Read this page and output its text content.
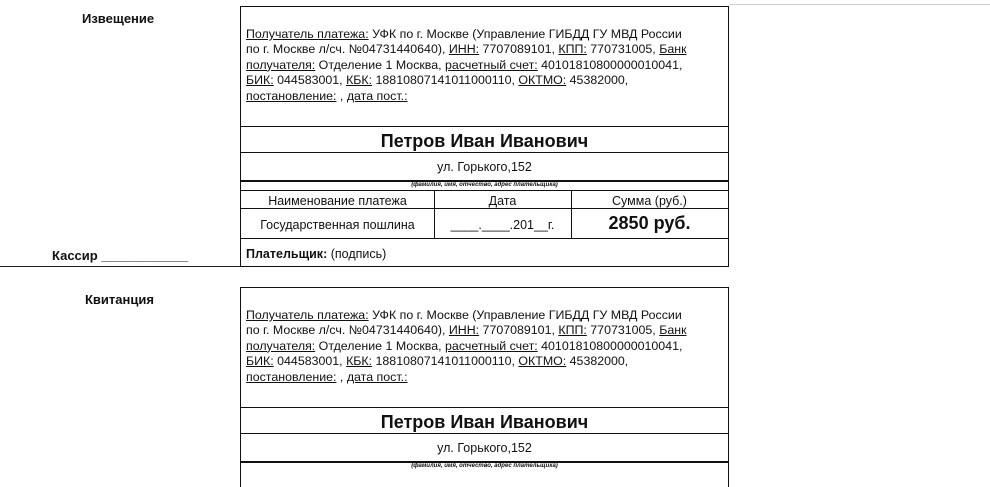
Извещение
Кассир ____________
Получатель платежа: УФК по г. Москве (Управление ГИБДД ГУ МВД России
по г. Москве л/сч. №04731440640), ИНН: 7707089101, КПП: 770731005, Банк
получателя: Отделение 1 Москва, расчетный счет: 40101810800000010041,
БИК: 044583001, КБК: 18810807141011000110, ОКТМО: 45382000,
постановление: , дата пост.:
Петров Иван Иванович
ул. Горького,152
(фамилия, имя, отчество, адрес плательщика)
Наименование платежа	Дата	Сумма (руб.)
Государственная пошлина	____.____.201__г.	2850 руб.
Плательщик: (подпись)
Квитанция
Получатель платежа: УФК по г. Москве (Управление ГИБДД ГУ МВД России
по г. Москве л/сч. №04731440640), ИНН: 7707089101, КПП: 770731005, Банк
получателя: Отделение 1 Москва, расчетный счет: 40101810800000010041,
БИК: 044583001, КБК: 18810807141011000110, ОКТМО: 45382000,
постановление: , дата пост.:
Петров Иван Иванович
ул. Горького,152
(фамилия, имя, отчество, адрес плательщика)
